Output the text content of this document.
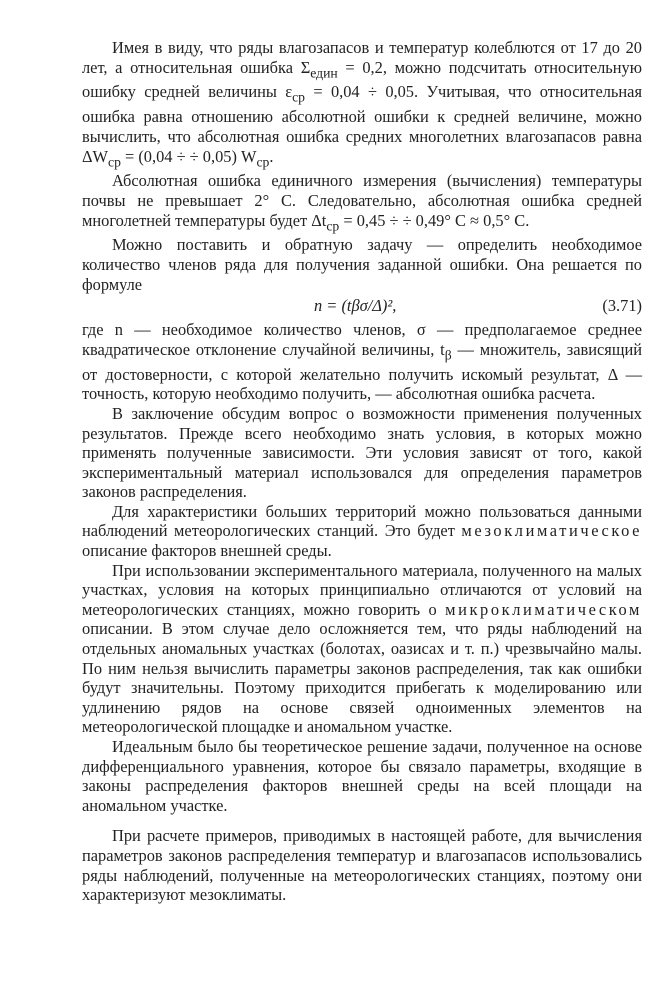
Имея в виду, что ряды влагозапасов и температур колеблются от 17 до 20 лет, а относительная ошибка $\Sigma_{един} = 0,2$, можно подсчитать относительную ошибку средней величины $\varepsilon_{ср} = 0,04 \div 0,05$. Учитывая, что относительная ошибка равна отношению абсолютной ошибки к средней величине, можно вычислить, что абсолютная ошибка средних многолетних влагозапасов равна $\Delta W_{ср} = (0,04$ ÷ ÷ 0,05) $W_{ср}$.

Абсолютная ошибка единичного измерения (вычисления) температуры почвы не превышает 2° С. Следовательно, абсолютная ошибка средней многолетней температуры будет $\Delta t_{ср} = 0,45$ ÷ ÷ 0,49° С ≈ 0,5° С.

Можно поставить и обратную задачу — определить необходимое количество членов ряда для получения заданной ошибки. Она решается по формуле

n = (tβσ/Δ)²,	(3.71)

где n — необходимое количество членов, σ — предполагаемое среднее квадратическое отклонение случайной величины, $t_\beta$ — множитель, зависящий от достоверности, с которой желательно получить искомый результат, Δ — точность, которую необходимо получить, — абсолютная ошибка расчета.

В заключение обсудим вопрос о возможности применения полученных результатов. Прежде всего необходимо знать условия, в которых можно применять полученные зависимости. Эти условия зависят от того, какой экспериментальный материал использовался для определения параметров законов распределения.

Для характеристики больших территорий можно пользоваться данными наблюдений метеорологических станций. Это будет мезоклиматическое описание факторов внешней среды.

При использовании экспериментального материала, полученного на малых участках, условия на которых принципиально отличаются от условий на метеорологических станциях, можно говорить о микроклиматическом описании. В этом случае дело осложняется тем, что ряды наблюдений на отдельных аномальных участках (болотах, оазисах и т. п.) чрезвычайно малы. По ним нельзя вычислить параметры законов распределения, так как ошибки будут значительны. Поэтому приходится прибегать к моделированию или удлинению рядов на основе связей одноименных элементов на метеорологической площадке и аномальном участке.

Идеальным было бы теоретическое решение задачи, полученное на основе дифференциального уравнения, которое бы связало параметры, входящие в законы распределения факторов внешней среды на всей площади на аномальном участке.

При расчете примеров, приводимых в настоящей работе, для вычисления параметров законов распределения температур и влагозапасов использовались ряды наблюдений, полученные на метеорологических станциях, поэтому они характеризуют мезоклиматы.
